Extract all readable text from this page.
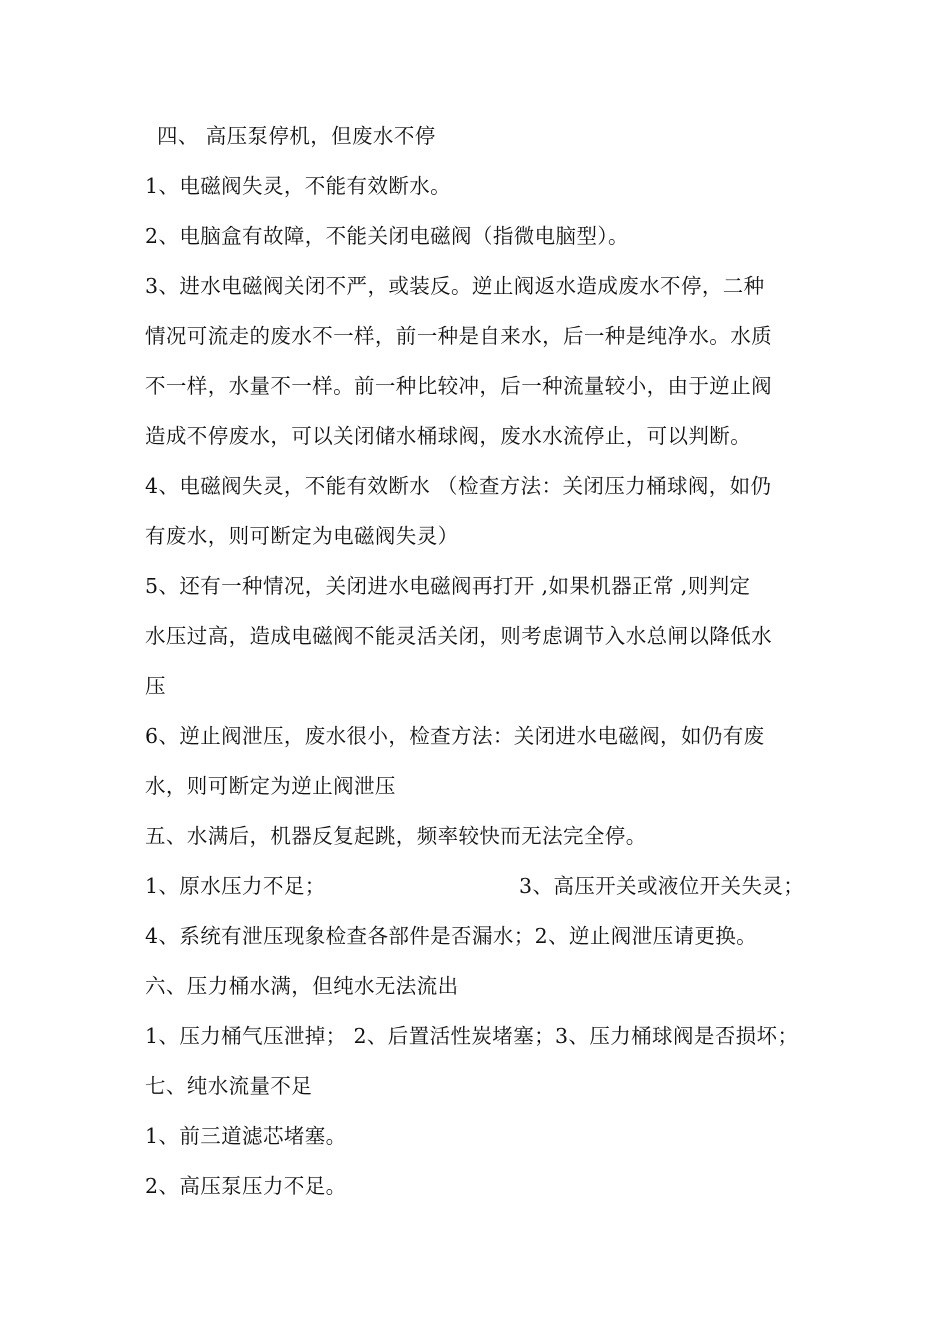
四、 高压泵停机，但废水不停
1、电磁阀失灵，不能有效断水。
2、电脑盒有故障，不能关闭电磁阀（指微电脑型）。
3、进水电磁阀关闭不严，或装反。逆止阀返水造成废水不停，二种
情况可流走的废水不一样，前一种是自来水，后一种是纯净水。水质
不一样，水量不一样。前一种比较冲，后一种流量较小，由于逆止阀
造成不停废水，可以关闭储水桶球阀，废水水流停止，可以判断。
4、电磁阀失灵，不能有效断水 （检查方法：关闭压力桶球阀，如仍
有废水，则可断定为电磁阀失灵）
5、还有一种情况，关闭进水电磁阀再打开 ,如果机器正常 ,则判定
水压过高，造成电磁阀不能灵活关闭，则考虑调节入水总闸以降低水
压
6、逆止阀泄压，废水很小，检查方法：关闭进水电磁阀，如仍有废
水，则可断定为逆止阀泄压
五、水满后，机器反复起跳，频率较快而无法完全停。
1、原水压力不足；	3、高压开关或液位开关失灵；
4、系统有泄压现象检查各部件是否漏水；2、逆止阀泄压请更换。
六、压力桶水满，但纯水无法流出
1、压力桶气压泄掉； 2、后置活性炭堵塞；3、压力桶球阀是否损坏；
七、纯水流量不足
1、前三道滤芯堵塞。
2、高压泵压力不足。
